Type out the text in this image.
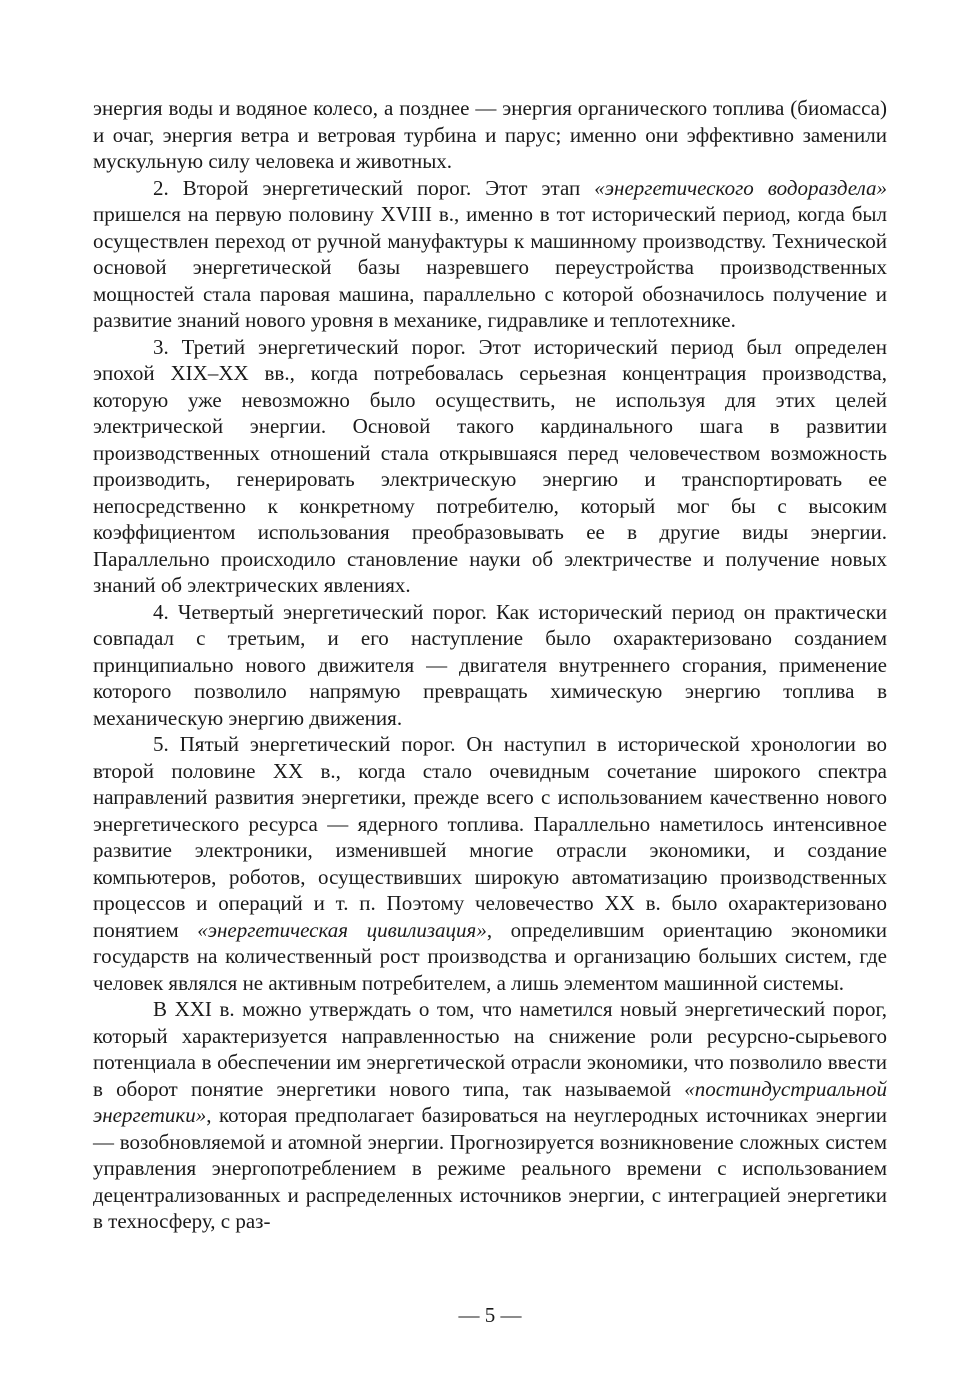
энергия воды и водяное колесо, а позднее — энергия органического топлива (биомасса) и очаг, энергия ветра и ветровая турбина и парус; именно они эффективно заменили мускульную силу человека и животных.

2. Второй энергетический порог. Этот этап «энергетического водораздела» пришелся на первую половину XVIII в., именно в тот исторический период, когда был осуществлен переход от ручной мануфактуры к машинному производству. Технической основой энергетической базы назревшего переустройства производственных мощностей стала паровая машина, параллельно с которой обозначилось получение и развитие знаний нового уровня в механике, гидравлике и теплотехнике.

3. Третий энергетический порог. Этот исторический период был определен эпохой XIX–XX вв., когда потребовалась серьезная концентрация производства, которую уже невозможно было осуществить, не используя для этих целей электрической энергии. Основой такого кардинального шага в развитии производственных отношений стала открывшаяся перед человечеством возможность производить, генерировать электрическую энергию и транспортировать ее непосредственно к конкретному потребителю, который мог бы с высоким коэффициентом использования преобразовывать ее в другие виды энергии. Параллельно происходило становление науки об электричестве и получение новых знаний об электрических явлениях.

4. Четвертый энергетический порог. Как исторический период он практически совпадал с третьим, и его наступление было охарактеризовано созданием принципиально нового движителя — двигателя внутреннего сгорания, применение которого позволило напрямую превращать химическую энергию топлива в механическую энергию движения.

5. Пятый энергетический порог. Он наступил в исторической хронологии во второй половине XX в., когда стало очевидным сочетание широкого спектра направлений развития энергетики, прежде всего с использованием качественно нового энергетического ресурса — ядерного топлива. Параллельно наметилось интенсивное развитие электроники, изменившей многие отрасли экономики, и создание компьютеров, роботов, осуществивших широкую автоматизацию производственных процессов и операций и т. п. Поэтому человечество XX в. было охарактеризовано понятием «энергетическая цивилизация», определившим ориентацию экономики государств на количественный рост производства и организацию больших систем, где человек являлся не активным потребителем, а лишь элементом машинной системы.

В XXI в. можно утверждать о том, что наметился новый энергетический порог, который характеризуется направленностью на снижение роли ресурсно-сырьевого потенциала в обеспечении им энергетической отрасли экономики, что позволило ввести в оборот понятие энергетики нового типа, так называемой «постиндустриальной энергетики», которая предполагает базироваться на неуглеродных источниках энергии — возобновляемой и атомной энергии. Прогнозируется возникновение сложных систем управления энергопотреблением в режиме реального времени с использованием децентрализованных и распределенных источников энергии, с интеграцией энергетики в техносферу, с раз-

— 5 —
